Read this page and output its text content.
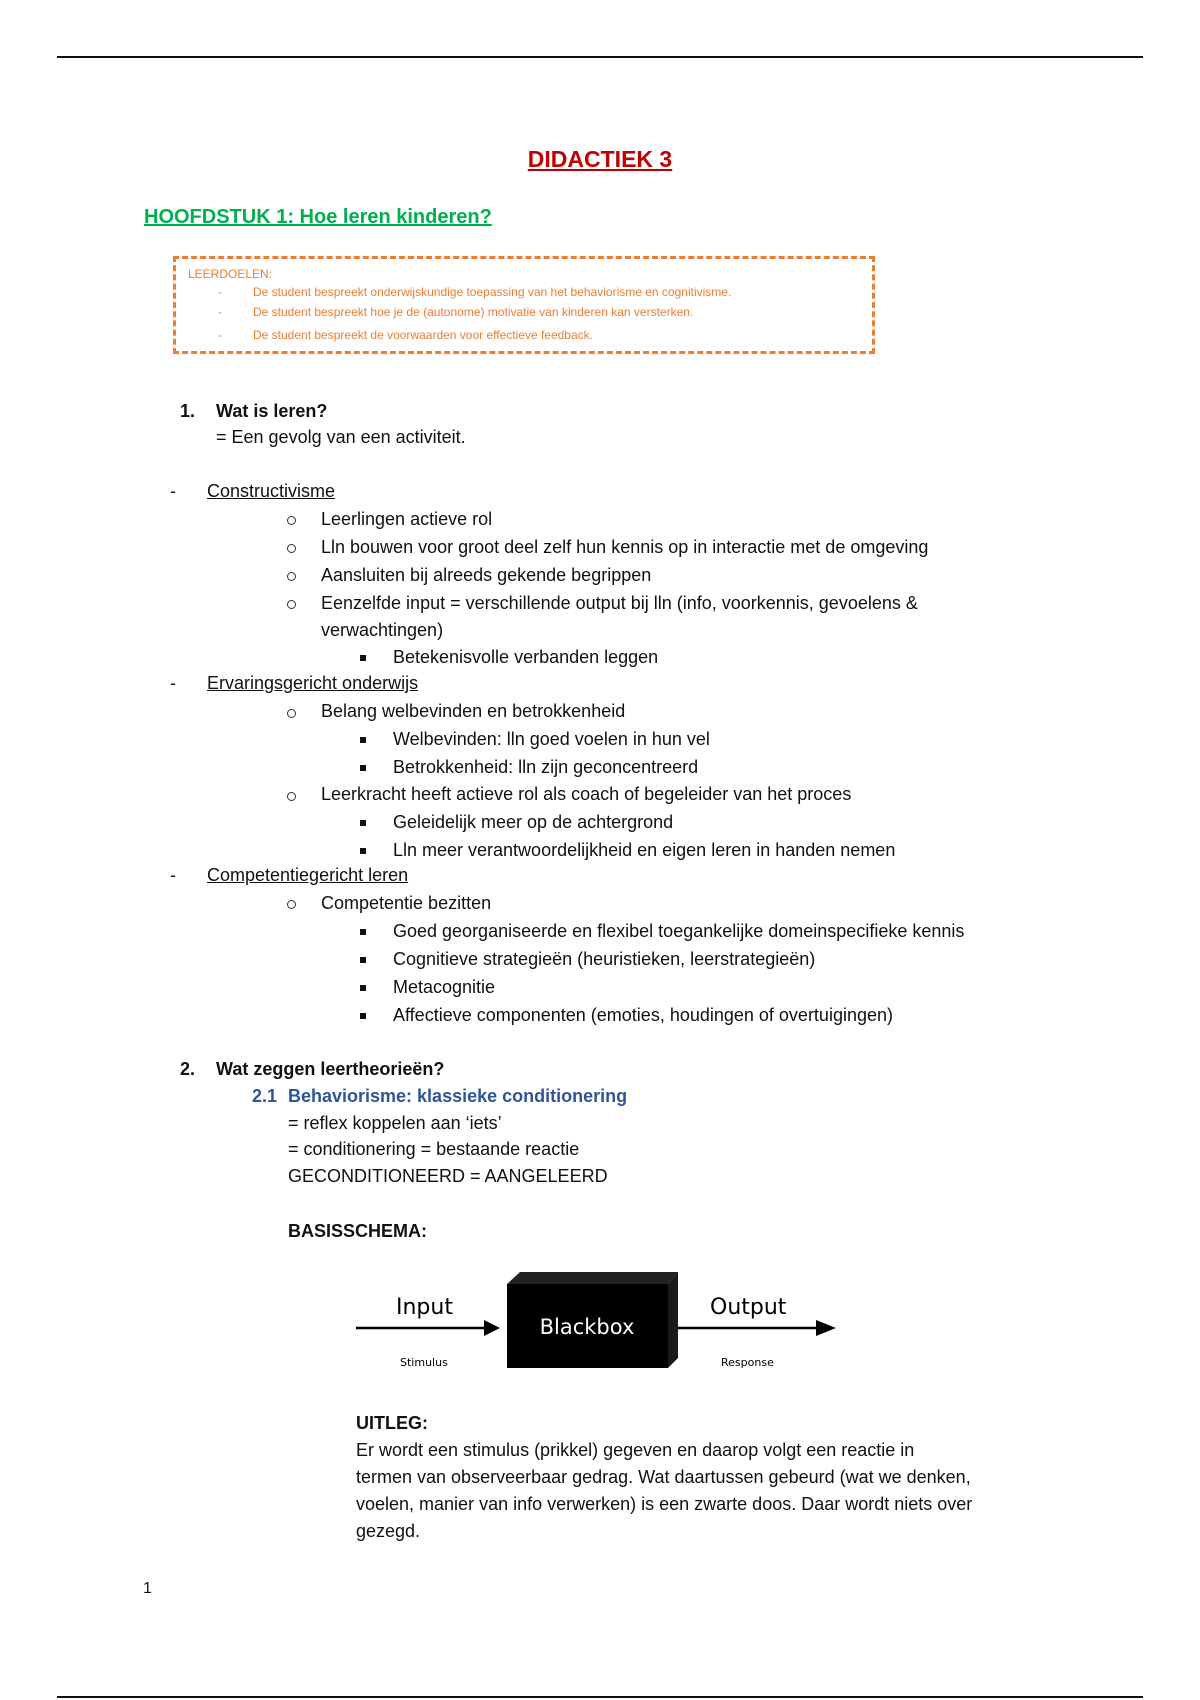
DIDACTIEK 3
HOOFDSTUK 1: Hoe leren kinderen?
LEERDOELEN:
-	De student bespreekt onderwijskundige toepassing van het behaviorisme en cognitivisme.
-	De student bespreekt hoe je de (autonome) motivatie van kinderen kan versterken.
-	De student bespreekt de voorwaarden voor effectieve feedback.
1. Wat is leren?
= Een gevolg van een activiteit.
- Constructivisme
Leerlingen actieve rol
Lln bouwen voor groot deel zelf hun kennis op in interactie met de omgeving
Aansluiten bij alreeds gekende begrippen
Eenzelfde input = verschillende output bij lln (info, voorkennis, gevoelens &
verwachtingen)
Betekenisvolle verbanden leggen
- Ervaringsgericht onderwijs
Belang welbevinden en betrokkenheid
Welbevinden: lln goed voelen in hun vel
Betrokkenheid: lln zijn geconcentreerd
Leerkracht heeft actieve rol als coach of begeleider van het proces
Geleidelijk meer op de achtergrond
Lln meer verantwoordelijkheid en eigen leren in handen nemen
- Competentiegericht leren
Competentie bezitten
Goed georganiseerde en flexibel toegankelijke domeinspecifieke kennis
Cognitieve strategieën (heuristieken, leerstrategieën)
Metacognitie
Affectieve componenten (emoties, houdingen of overtuigingen)
2. Wat zeggen leertheorieën?
2.1 Behaviorisme: klassieke conditionering
= reflex koppelen aan ‘iets’
= conditionering = bestaande reactie
GECONDITIONEERD = AANGELEERD
BASISSCHEMA:
Input
Stimulus
Blackbox
Output
Response
UITLEG:
Er wordt een stimulus (prikkel) gegeven en daarop volgt een reactie in
termen van observeerbaar gedrag. Wat daartussen gebeurd (wat we denken,
voelen, manier van info verwerken) is een zwarte doos. Daar wordt niets over
gezegd.
1
